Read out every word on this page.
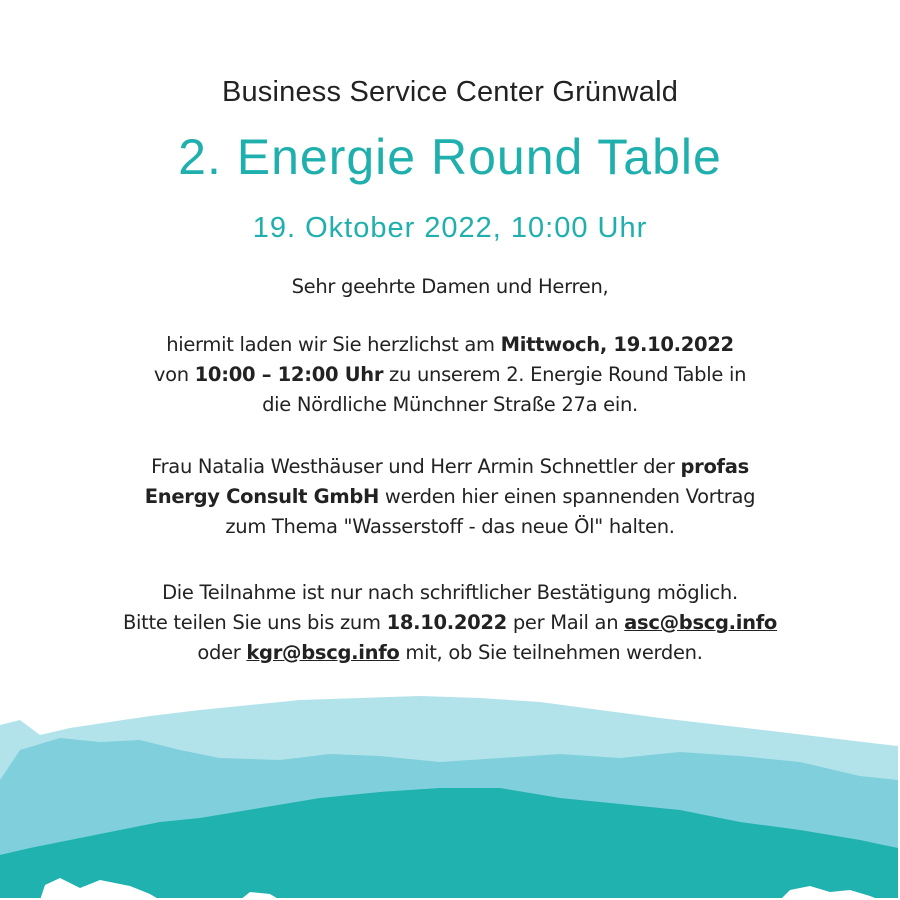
Business Service Center Grünwald
2. Energie Round Table
19. Oktober 2022, 10:00 Uhr
Sehr geehrte Damen und Herren,
hiermit laden wir Sie herzlichst am Mittwoch, 19.10.2022
von 10:00 – 12:00 Uhr zu unserem 2. Energie Round Table in
die Nördliche Münchner Straße 27a ein.
Frau Natalia Westhäuser und Herr Armin Schnettler der profas
Energy Consult GmbH werden hier einen spannenden Vortrag
zum Thema "Wasserstoff - das neue Öl" halten.
Die Teilnahme ist nur nach schriftlicher Bestätigung möglich.
Bitte teilen Sie uns bis zum 18.10.2022 per Mail an asc@bscg.info
oder kgr@bscg.info mit, ob Sie teilnehmen werden.
